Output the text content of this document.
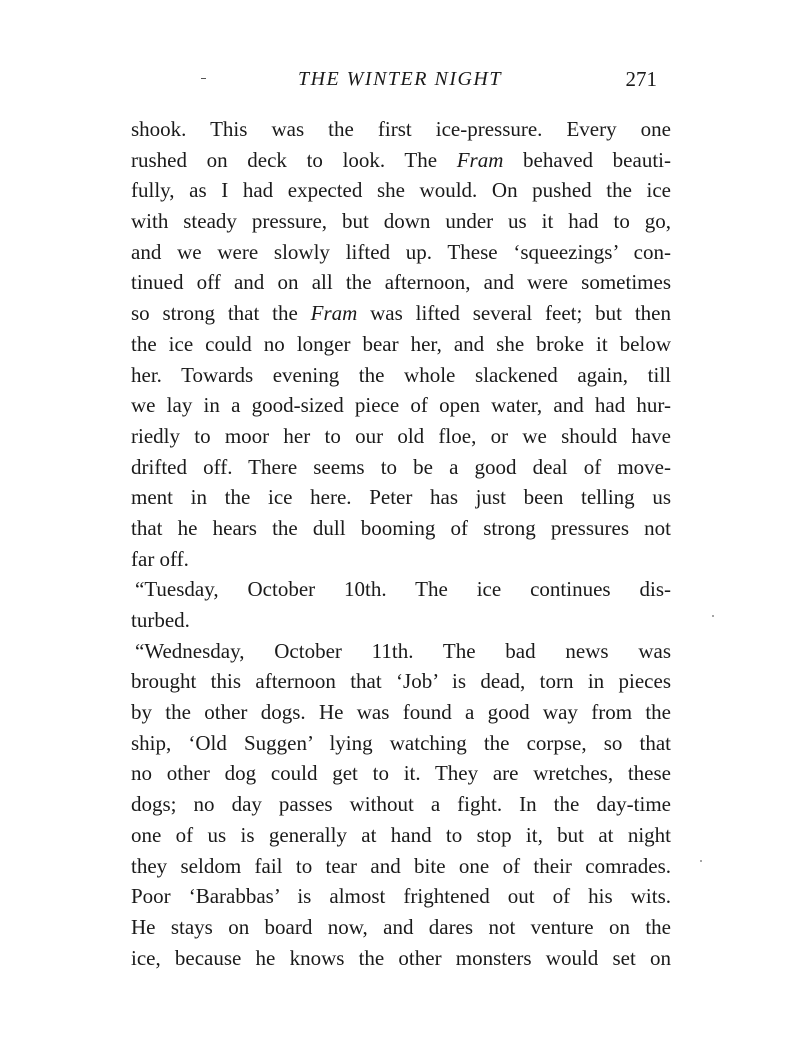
THE WINTER NIGHT	271
shook. This was the first ice-pressure. Every one
rushed on deck to look. The Fram behaved beauti-
fully, as I had expected she would. On pushed the ice
with steady pressure, but down under us it had to go,
and we were slowly lifted up. These ‘squeezings’ con-
tinued off and on all the afternoon, and were sometimes
so strong that the Fram was lifted several feet; but then
the ice could no longer bear her, and she broke it below
her. Towards evening the whole slackened again, till
we lay in a good-sized piece of open water, and had hur-
riedly to moor her to our old floe, or we should have
drifted off. There seems to be a good deal of move-
ment in the ice here. Peter has just been telling us
that he hears the dull booming of strong pressures not
far off.
“Tuesday, October 10th. The ice continues dis-
turbed.
“Wednesday, October 11th. The bad news was
brought this afternoon that ‘Job’ is dead, torn in pieces
by the other dogs. He was found a good way from the
ship, ‘Old Suggen’ lying watching the corpse, so that
no other dog could get to it. They are wretches, these
dogs; no day passes without a fight. In the day-time
one of us is generally at hand to stop it, but at night
they seldom fail to tear and bite one of their comrades.
Poor ‘Barabbas’ is almost frightened out of his wits.
He stays on board now, and dares not venture on the
ice, because he knows the other monsters would set on
